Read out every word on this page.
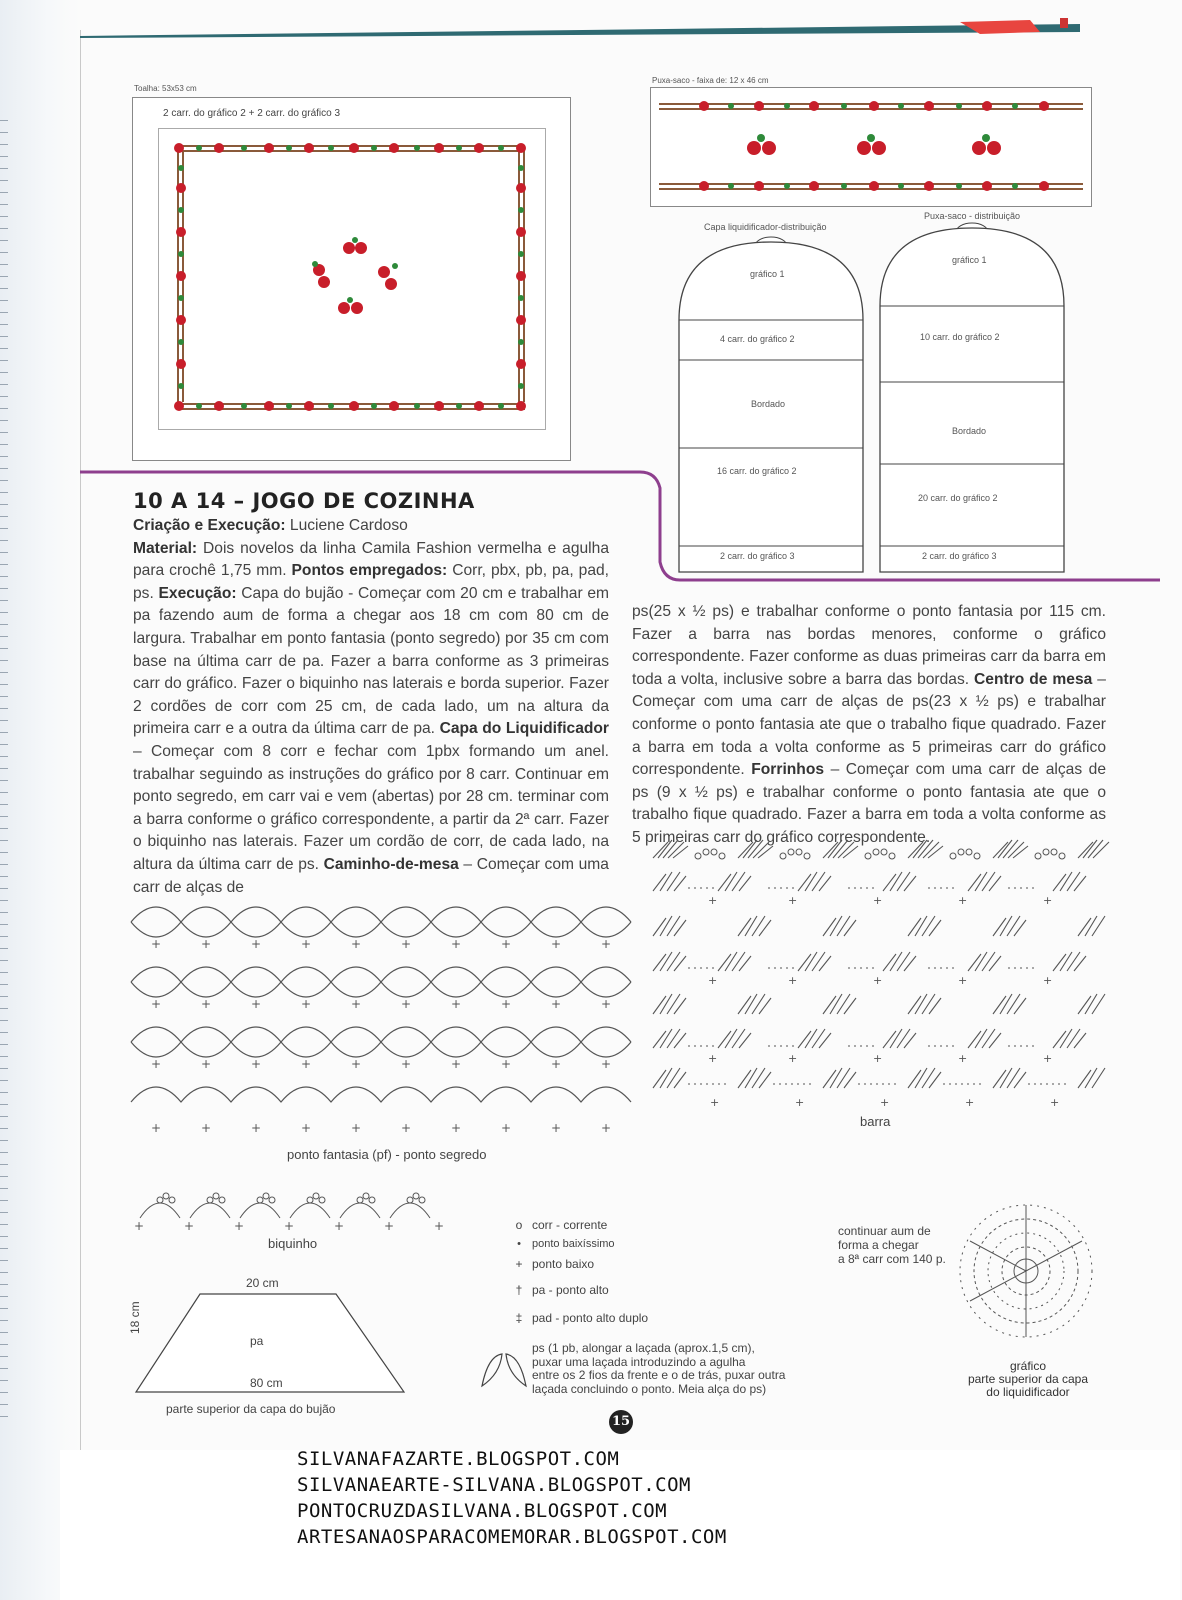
Toalha: 53x53 cm
2 carr. do gráfico 2 + 2 carr. do gráfico 3
Puxa-saco - faixa de: 12 x 46 cm
Capa liquidificador-distribuição
gráfico 1
4 carr. do gráfico 2
Bordado
16 carr. do gráfico 2
2 carr. do gráfico 3
Puxa-saco - distribuição
gráfico 1
10 carr. do gráfico 2
Bordado
20 carr. do gráfico 2
2 carr. do gráfico 3
10 A 14 – JOGO DE COZINHA
Criação e Execução: Luciene Cardoso
Material: Dois novelos da linha Camila Fashion vermelha e agulha para crochê 1,75 mm. Pontos empregados: Corr, pbx, pb, pa, pad, ps. Execução: Capa do bujão - Começar com 20 cm e trabalhar em pa fazendo aum de forma a chegar aos 18 cm com 80 cm de largura. Trabalhar em ponto fantasia (ponto segredo) por 35 cm com base na última carr de pa. Fazer a barra conforme as 3 primeiras carr do gráfico. Fazer o biquinho nas laterais e borda superior. Fazer 2 cordões de corr com 25 cm, de cada lado, um na altura da primeira carr e a outra da última carr de pa. Capa do Liquidificador – Começar com 8 corr e fechar com 1pbx formando um anel. trabalhar seguindo as instruções do gráfico por 8 carr. Continuar em ponto segredo, em carr vai e vem (abertas) por 28 cm. terminar com a barra conforme o gráfico correspondente, a partir da 2ª carr. Fazer o biquinho nas laterais. Fazer um cordão de corr, de cada lado, na altura da última carr de ps. Caminho-de-mesa – Começar com uma carr de alças de
ps(25 x ½ ps) e trabalhar conforme o ponto fantasia por 115 cm. Fazer a barra nas bordas menores, conforme o gráfico correspondente. Fazer conforme as duas primeiras carr da barra em toda a volta, inclusive sobre a barra das bordas. Centro de mesa – Começar com uma carr de alças de ps(23 x ½ ps) e trabalhar conforme o ponto fantasia ate que o trabalho fique quadrado. Fazer a barra em toda a volta conforme as 5 primeiras carr do gráfico correspondente. Forrinhos – Começar com uma carr de alças de ps (9 x ½ ps) e trabalhar conforme o ponto fantasia ate que o trabalho fique quadrado. Fazer a barra em toda a volta conforme as 5 primeiras carr do gráfico correspondente.
+	+	+	+	+	+	+	+	+	+
+	+	+	+	+	+	+	+	+	+
+	+	+	+	+	+	+	+	+	+
+	+	+	+	+	+	+	+	+	+
ponto fantasia (pf) - ponto segredo
+	+	+	+	+
+	+	+	+	+
+	+	+	+	+
+	+	+	+	+
barra
+	+	+	+	+	+	+
biquinho
20 cm
18 cm
pa
80 cm
parte superior da capa do bujão
o corr - corrente
• ponto baixíssimo
+ ponto baixo
† pa - ponto alto
‡ pad - ponto alto duplo
ps (1 pb, alongar a laçada (aprox.1,5 cm),
puxar uma laçada introduzindo a agulha
entre os 2 fios da frente e o de trás, puxar outra
laçada concluindo o ponto. Meia alça do ps)
continuar aum de
forma a chegar
a 8ª carr com 140 p.
gráfico
parte superior da capa
do liquidificador
15
SILVANAFAZARTE.BLOGSPOT.COM
SILVANAEARTE-SILVANA.BLOGSPOT.COM
PONTOCRUZDASILVANA.BLOGSPOT.COM
ARTESANAOSPARACOMEMORAR.BLOGSPOT.COM
